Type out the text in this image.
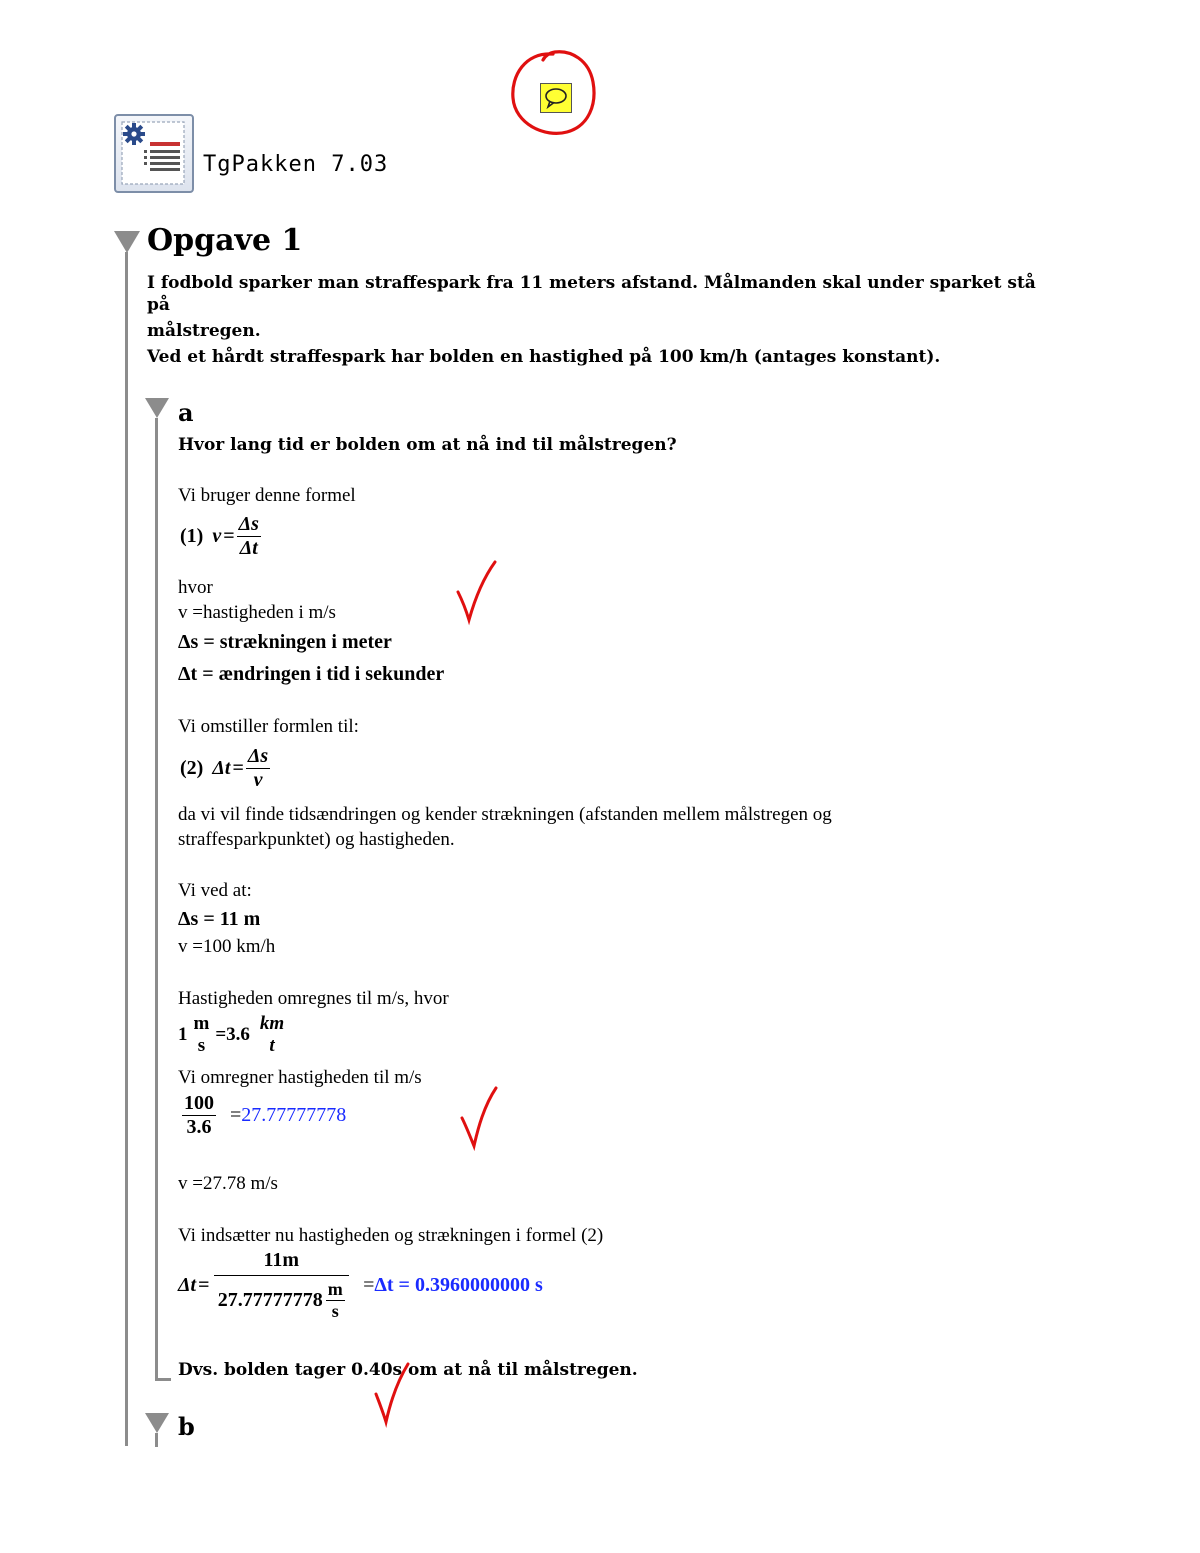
TgPakken 7.03
Opgave 1
I fodbold sparker man straffespark fra 11 meters afstand. Målmanden skal under sparket stå
på
målstregen.
Ved et hårdt straffespark har bolden en hastighed på 100 km/h (antages konstant).
a
Hvor lang tid er bolden om at nå ind til målstregen?
Vi bruger denne formel
(1) $v = \frac{\Delta s}{\Delta t}$
hvor
v =hastigheden i m/s
Δs = strækningen i meter
Δt = ændringen i tid i sekunder
Vi omstiller formlen til:
(2) $\Delta t = \frac{\Delta s}{v}$
da vi vil finde tidsændringen og kender strækningen (afstanden mellem målstregen og
straffesparkpunktet) og hastigheden.
Vi ved at:
Δs = 11 m
v =100 km/h
Hastigheden omregnes til m/s, hvor
1
m
s
=3.6
km
t
Vi omregner hastigheden til m/s
$\frac{100}{3.6} = 27.77777778$
v =27.78 m/s
Vi indsætter nu hastigheden og strækningen i formel (2)
$\Delta t = \frac{11m}{27.77777778 \frac{m}{s}} = \Delta t = 0.3960000000$ s
Dvs. bolden tager 0.40s om at nå til målstregen.
b
